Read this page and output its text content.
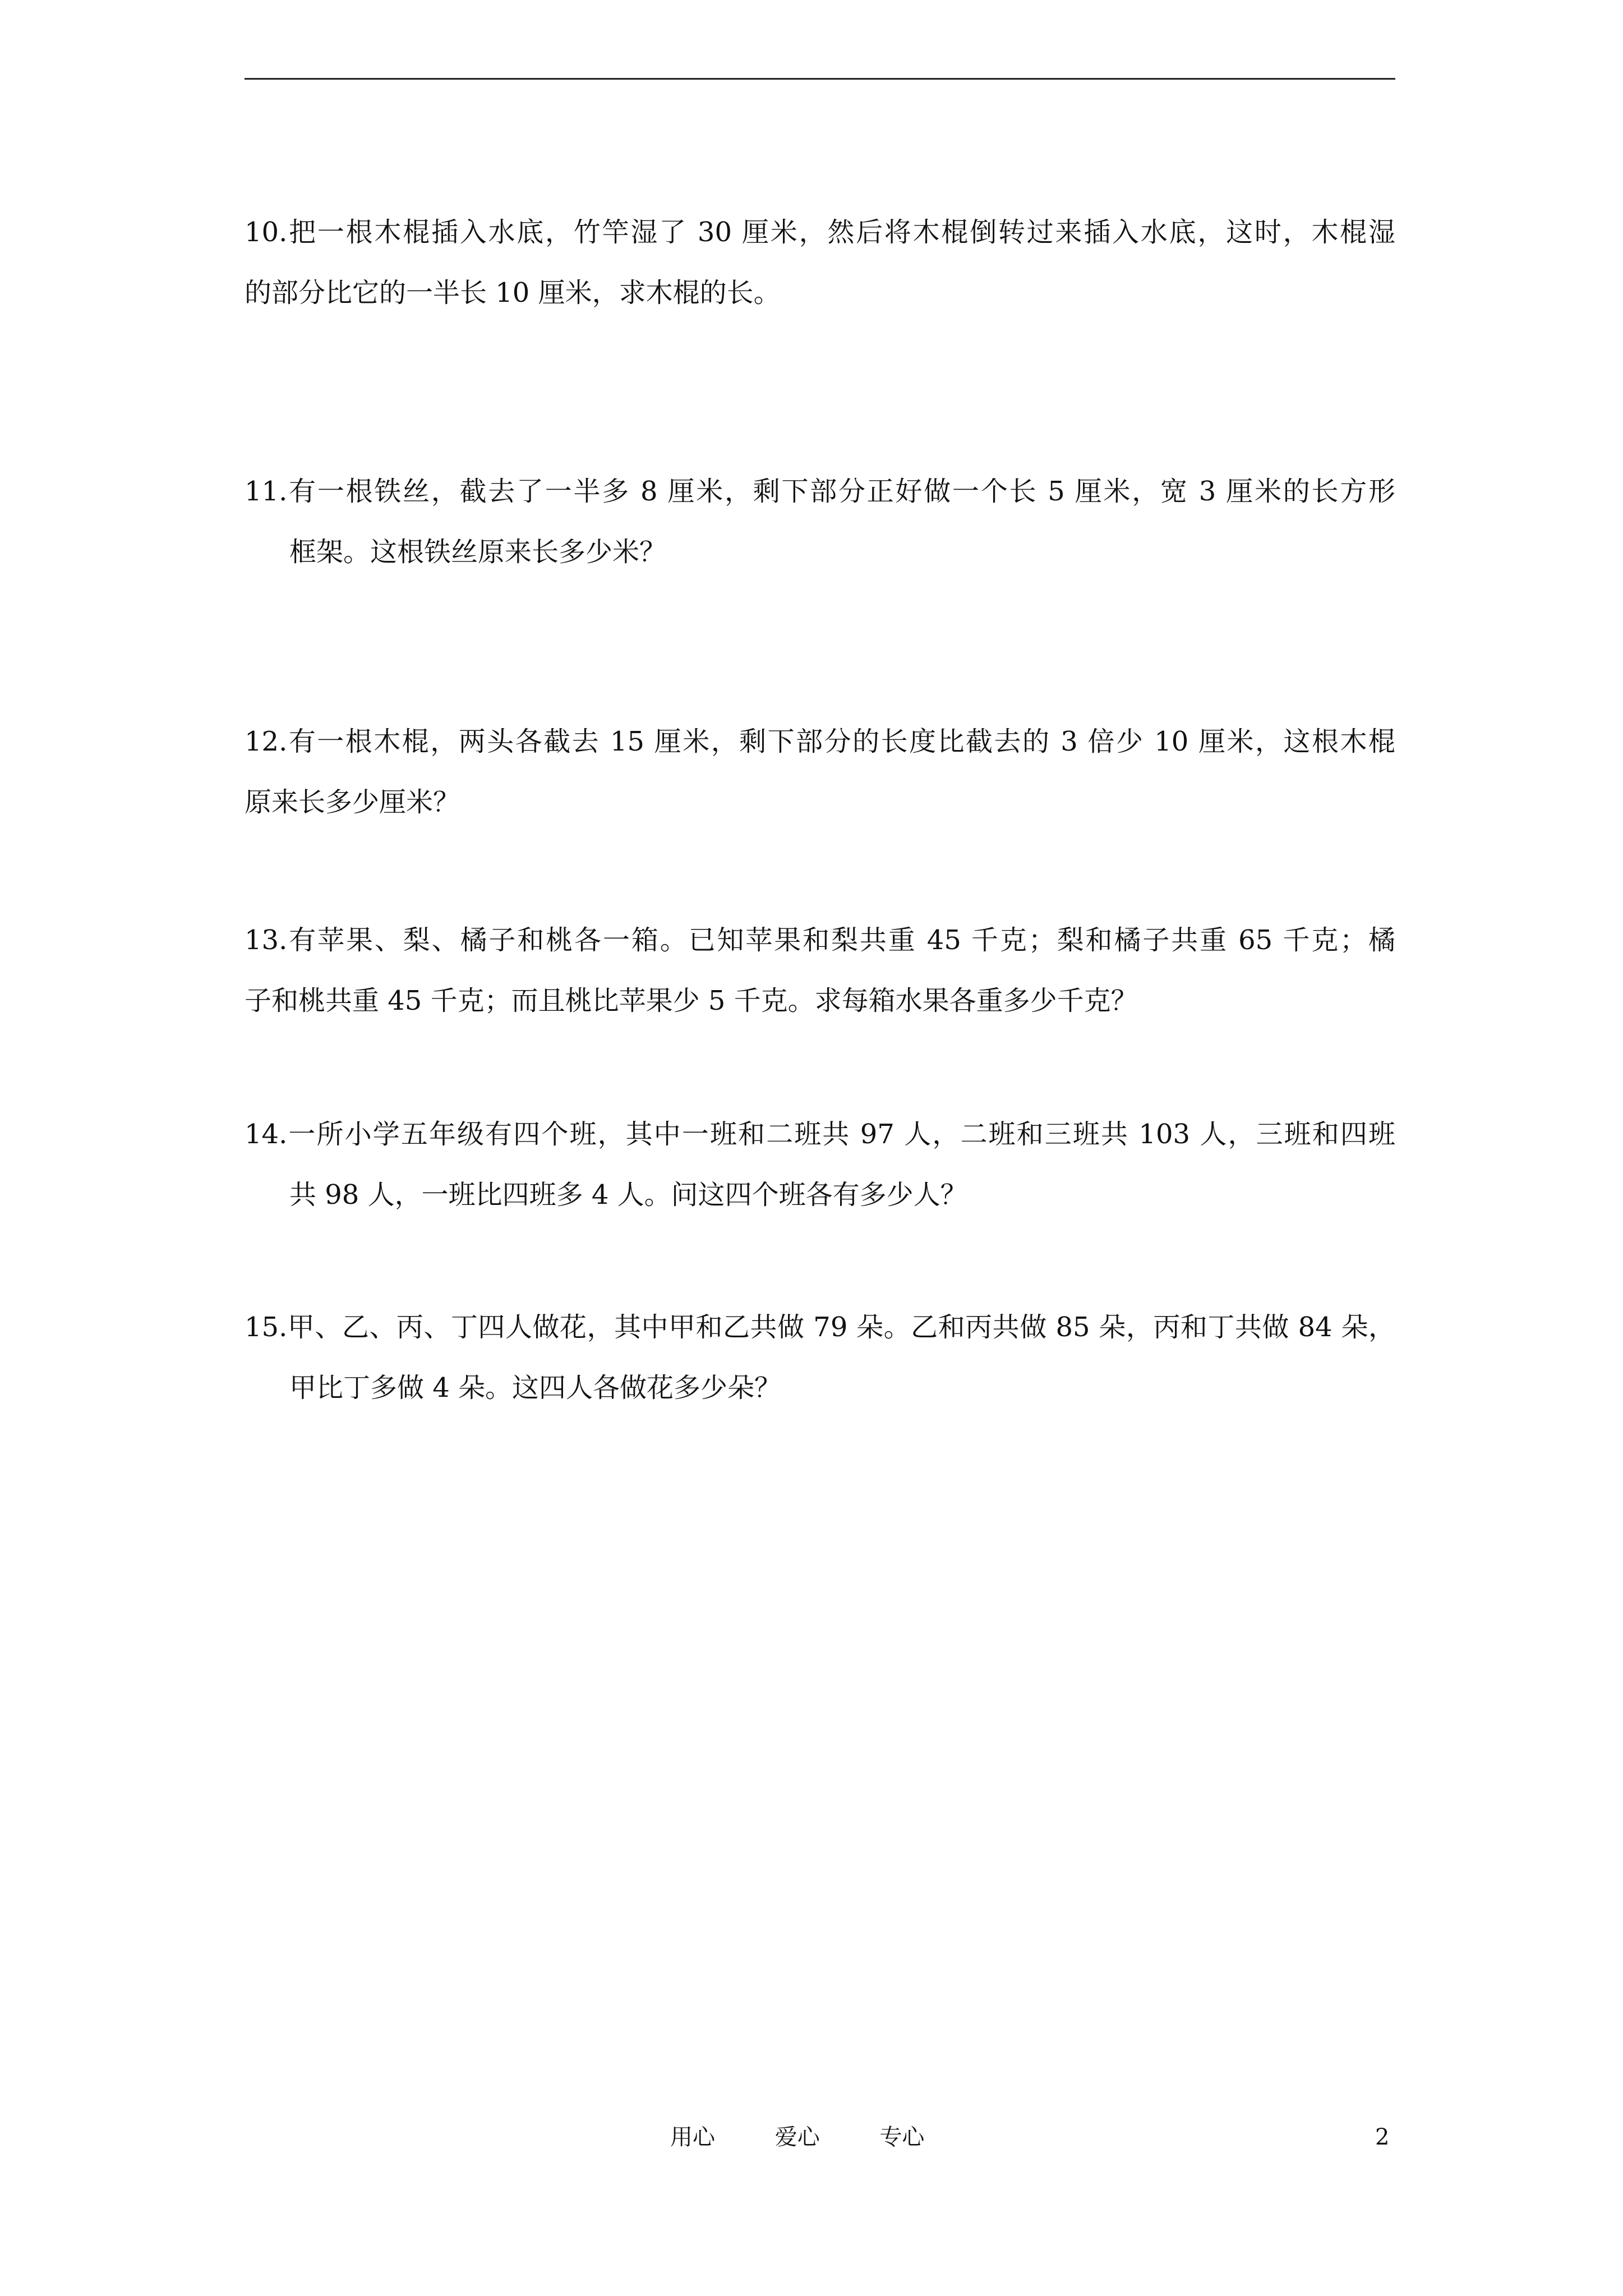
10.把一根木棍插入水底，竹竿湿了 30 厘米，然后将木棍倒转过来插入水底，这时，木棍湿
的部分比它的一半长 10 厘米，求木棍的长。
11.有一根铁丝，截去了一半多 8 厘米，剩下部分正好做一个长 5 厘米，宽 3 厘米的长方形
框架。这根铁丝原来长多少米？
12.有一根木棍，两头各截去 15 厘米，剩下部分的长度比截去的 3 倍少 10 厘米，这根木棍
原来长多少厘米？
13.有苹果、梨、橘子和桃各一箱。已知苹果和梨共重 45 千克；梨和橘子共重 65 千克；橘
子和桃共重 45 千克；而且桃比苹果少 5 千克。求每箱水果各重多少千克？
14.一所小学五年级有四个班，其中一班和二班共 97 人，二班和三班共 103 人，三班和四班
共 98 人，一班比四班多 4 人。问这四个班各有多少人？
15.甲、乙、丙、丁四人做花，其中甲和乙共做 79 朵。乙和丙共做 85 朵，丙和丁共做 84 朵，
甲比丁多做 4 朵。这四人各做花多少朵？
用心	爱心	专心	2
